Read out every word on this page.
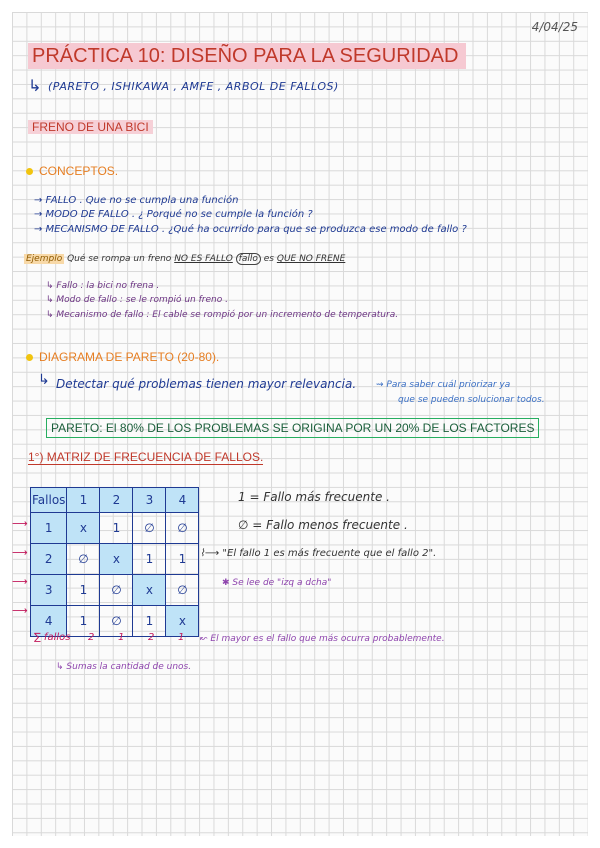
4/04/25
PRÁCTICA 10: DISEÑO PARA LA SEGURIDAD
↳ (PARETO , ISHIKAWA , AMFE , ARBOL DE FALLOS)
FRENO DE UNA BICI
CONCEPTOS.
→ FALLO . Que no se cumpla una función
→ MODO DE FALLO . ¿ Porqué no se cumple la función ?
→ MECANISMO DE FALLO . ¿Qué ha ocurrido para que se produzca ese modo de fallo ?
Ejemplo Qué se rompa un freno NO ES FALLO fallo es QUE NO FRENE
↳ Fallo : la bici no frena .
↳ Modo de fallo : se le rompió un freno .
↳ Mecanismo de fallo : El cable se rompió por un incremento de temperatura.
DIAGRAMA DE PARETO (20-80).
↳ Detectar qué problemas tienen mayor relevancia. ⇝ Para saber cuál priorizar ya
que se pueden solucionar todos.
PARETO: El 80% DE LOS PROBLEMAS SE ORIGINA POR UN 20% DE LOS FACTORES
1°) MATRIZ DE FRECUENCIA DE FALLOS.
Fallos	1	2	3	4
1	x	1	∅	∅
2	∅	x	1	1
3	1	∅	x	∅
4	1	∅	1	x
⟶
⟶
⟶
⟶
∑ fallos 2 1 2 1 ↜ El mayor es el fallo que más ocurra probablemente.
↳ Sumas la cantidad de unos.
1 = Fallo más frecuente .
∅ = Fallo menos frecuente .
⌇⟶ "El fallo 1 es más frecuente que el fallo 2".
✱ Se lee de "izq a dcha"
